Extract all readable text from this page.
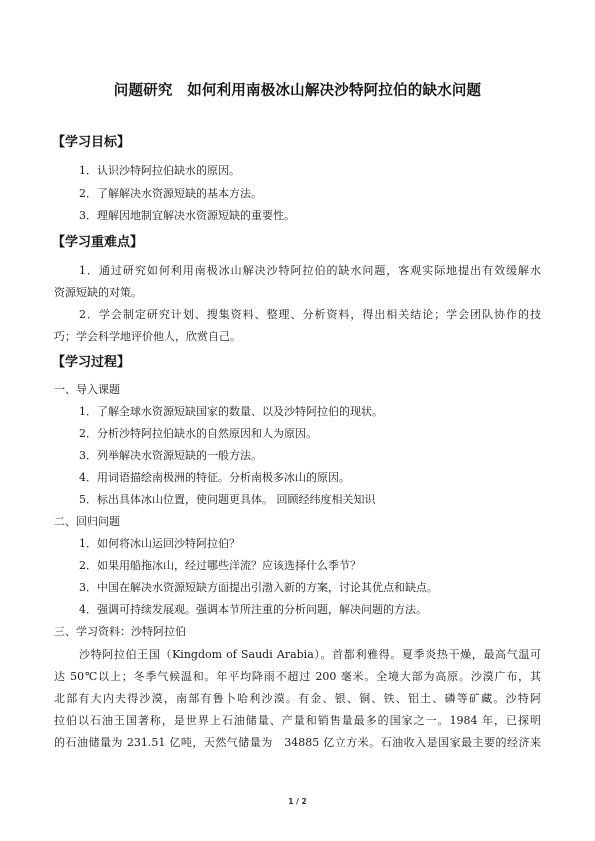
问题研究　如何利用南极冰山解决沙特阿拉伯的缺水问题
【学习目标】
1．认识沙特阿拉伯缺水的原因。
2．了解解决水资源短缺的基本方法。
3．理解因地制宜解决水资源短缺的重要性。
【学习重难点】
1．通过研究如何利用南极冰山解决沙特阿拉伯的缺水问题，客观实际地提出有效缓解水
资源短缺的对策。
2．学会制定研究计划、搜集资料、整理、分析资料，得出相关结论；学会团队协作的技
巧；学会科学地评价他人，欣赏自己。
【学习过程】
一、导入课题
1．了解全球水资源短缺国家的数量、以及沙特阿拉伯的现状。
2．分析沙特阿拉伯缺水的自然原因和人为原因。
3．列举解决水资源短缺的一般方法。
4．用词语描绘南极洲的特征。分析南极多冰山的原因。
5．标出具体冰山位置，使问题更具体。 回顾经纬度相关知识
二、回归问题
1．如何将冰山运回沙特阿拉伯？
2．如果用船拖冰山，经过哪些洋流？应该选择什么季节？
3．中国在解决水资源短缺方面提出引渤入新的方案，讨论其优点和缺点。
4．强调可持续发展观。强调本节所注重的分析问题，解决问题的方法。
三、学习资料：沙特阿拉伯
沙特阿拉伯王国（Kingdom of Saudi Arabia）。首都利雅得。夏季炎热干燥，最高气温可
达 50℃以上；冬季气候温和。年平均降雨不超过 200 毫米。全境大部为高原。沙漠广布，其
北部有大内夫得沙漠，南部有鲁卜哈利沙漠。有金、银、铜、铁、铝土、磷等矿藏。沙特阿
拉伯以石油王国著称，是世界上石油储量、产量和销售量最多的国家之一。1984 年，已探明
的石油储量为 231.51 亿吨，天然气储量为　34885 亿立方米。石油收入是国家最主要的经济来
1 / 2
